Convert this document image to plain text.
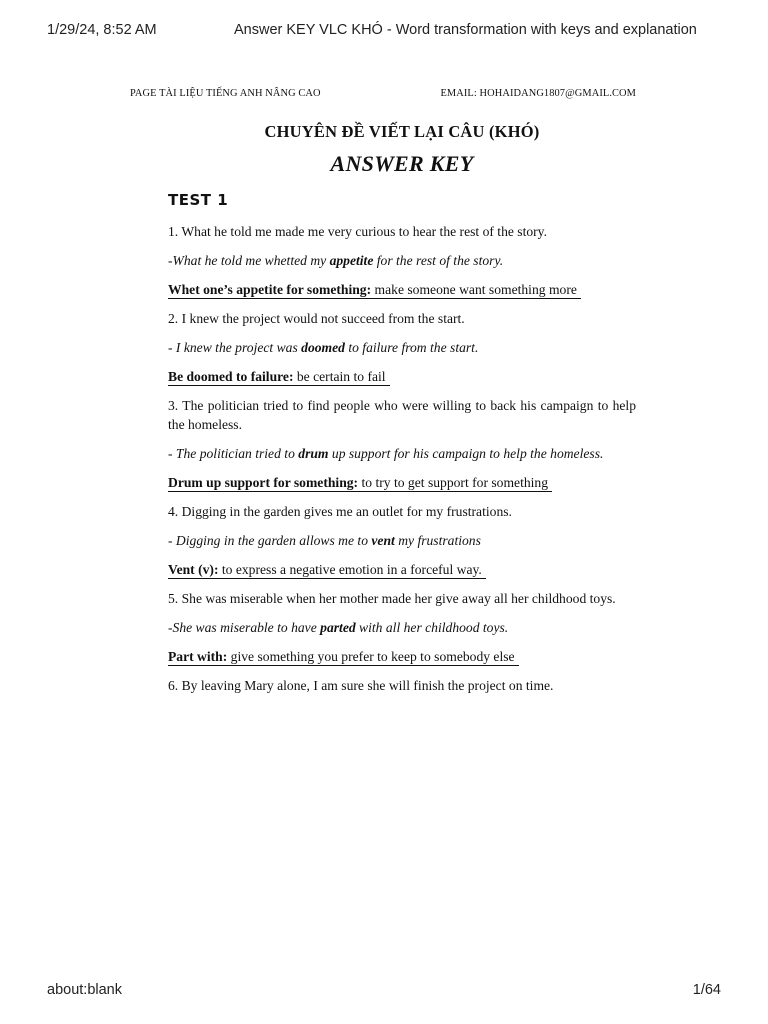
1/29/24, 8:52 AM	Answer KEY VLC KHÓ - Word transformation with keys and explanation
PAGE TÀI LIỆU TIẾNG ANH NÂNG CAO	EMAIL: HOHAIDANG1807@GMAIL.COM
CHUYÊN ĐỀ VIẾT LẠI CÂU (KHÓ)
ANSWER KEY
TEST 1

1. What he told me made me very curious to hear the rest of the story.

-What he told me whetted my appetite for the rest of the story.

Whet one’s appetite for something: make someone want something more

2. I knew the project would not succeed from the start.

- I knew the project was doomed to failure from the start.

Be doomed to failure: be certain to fail

3. The politician tried to find people who were willing to back his campaign to help the homeless.

- The politician tried to drum up support for his campaign to help the homeless.

Drum up support for something: to try to get support for something

4. Digging in the garden gives me an outlet for my frustrations.

- Digging in the garden allows me to vent my frustrations

Vent (v): to express a negative emotion in a forceful way.

5. She was miserable when her mother made her give away all her childhood toys.

-She was miserable to have parted with all her childhood toys.

Part with: give something you prefer to keep to somebody else

6. By leaving Mary alone, I am sure she will finish the project on time.

about:blank	1/64
